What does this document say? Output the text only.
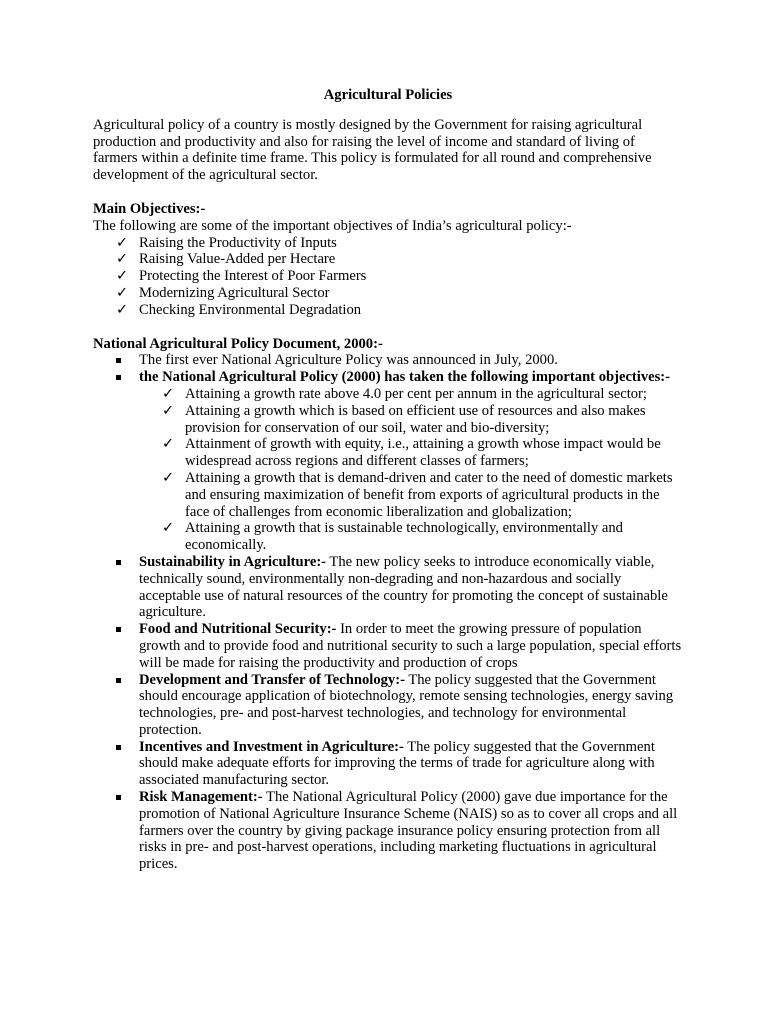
Agricultural Policies

Agricultural policy of a country is mostly designed by the Government for raising agricultural production and productivity and also for raising the level of income and standard of living of farmers within a definite time frame. This policy is formulated for all round and comprehensive development of the agricultural sector.

Main Objectives:-

The following are some of the important objectives of India’s agricultural policy:-

✓ Raising the Productivity of Inputs
✓ Raising Value-Added per Hectare
✓ Protecting the Interest of Poor Farmers
✓ Modernizing Agricultural Sector
✓ Checking Environmental Degradation

National Agricultural Policy Document, 2000:-

The first ever National Agriculture Policy was announced in July, 2000.
the National Agricultural Policy (2000) has taken the following important objectives:-
✓ Attaining a growth rate above 4.0 per cent per annum in the agricultural sector;
✓ Attaining a growth which is based on efficient use of resources and also makes provision for conservation of our soil, water and bio-diversity;
✓ Attainment of growth with equity, i.e., attaining a growth whose impact would be widespread across regions and different classes of farmers;
✓ Attaining a growth that is demand-driven and cater to the need of domestic markets and ensuring maximization of benefit from exports of agricultural products in the face of challenges from economic liberalization and globalization;
✓ Attaining a growth that is sustainable technologically, environmentally and economically.
Sustainability in Agriculture:- The new policy seeks to introduce economically viable, technically sound, environmentally non-degrading and non-hazardous and socially acceptable use of natural resources of the country for promoting the concept of sustainable agriculture.
Food and Nutritional Security:- In order to meet the growing pressure of population growth and to provide food and nutritional security to such a large population, special efforts will be made for raising the productivity and production of crops
Development and Transfer of Technology:- The policy suggested that the Government should encourage application of biotechnology, remote sensing technologies, energy saving technologies, pre- and post-harvest technologies, and technology for environmental protection.
Incentives and Investment in Agriculture:- The policy suggested that the Government should make adequate efforts for improving the terms of trade for agriculture along with associated manufacturing sector.
Risk Management:- The National Agricultural Policy (2000) gave due importance for the promotion of National Agriculture Insurance Scheme (NAIS) so as to cover all crops and all farmers over the country by giving package insurance policy ensuring protection from all risks in pre- and post-harvest operations, including marketing fluctuations in agricultural prices.
